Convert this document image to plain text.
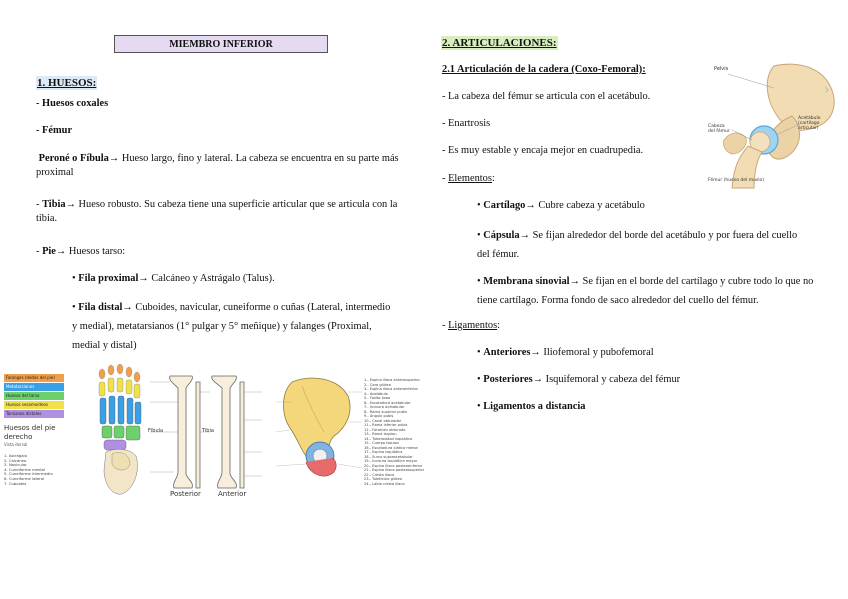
MIEMBRO INFERIOR
1. HUESOS:
- Huesos coxales
- Fémur
Peroné o Fíbula→ Hueso largo, fino y lateral. La cabeza se encuentra en su parte más proximal
- Tibia→ Hueso robusto. Su cabeza tiene una superficie articular que se articula con la tibia.
- Pie→ Huesos tarso:
• Fila proximal→ Calcáneo y Astrágalo (Talus).
• Fila distal→ Cuboides, navicular, cuneiforme o cuñas (Lateral, intermedio y medial), metatarsianos (1° pulgar y 5° meñique) y falanges (Proximal, medial y distal)
2. ARTICULACIONES:
2.1 Articulación de la cadera (Coxo-Femoral):
- La cabeza del fémur se articula con el acetábulo.
- Enartrosis
- Es muy estable y encaja mejor en cuadrupedia.
- Elementos:
• Cartílago→ Cubre cabeza y acetábulo
• Cápsula→ Se fijan alrededor del borde del acetábulo y por fuera del cuello del fémur.
• Membrana sinovial→ Se fijan en el borde del cartílago y cubre todo lo que no tiene cartílago. Forma fondo de saco alrededor del cuello del fémur.
- Ligamentos:
• Anteriores→ Iliofemoral y pubofemoral
• Posteriores→ Isquifemoral y cabeza del fémur
• Ligamentos a distancia
›
Pelvis
Acetábulo
(cartílago articular)
Cabeza
del fémur
Fémur (hueso del muslo)
Falanges (dedos del pie)
Metatarsianos
Huesos del tarso
Huesos sesamoideos
Tarsianos distales
Huesos del pie
derecho
Vista dorsal
1. Astrágalo
2. Calcáneo
3. Navicular
4. Cuneiforme medial
5. Cuneiforme intermedio
6. Cuneiforme lateral
7. Cuboides
Fíbula	Tibia
Posterior Anterior
1.- Espina iliaca anterosuperior
2.- Cara glútea
3.- Espina iliaca anteroinferior
4.- Acetábulo
5.- Fosita ósea
6.- Escotadura acetabular
7.- Incisura acetabular
8.- Rama superior pubis
9.- Ángulo pubis
10.- Canal obturador
11.- Rama inferior pubis
12.- Foramen obturado
13.- Rama isquion
14.- Tuberosidad isquiática
15.- Cuerpo isquion
16.- Escotadura ciática menor
17.- Espina isquiática
18.- Surco supraacetabular
19.- Incisura isquiática mayor
20.- Espina iliaca posteroinferior
21.- Espina iliaca posterosuperior
22.- Cresta iliaca
23.- Tubérculo glúteo
24.- Labio cresta iliaca
